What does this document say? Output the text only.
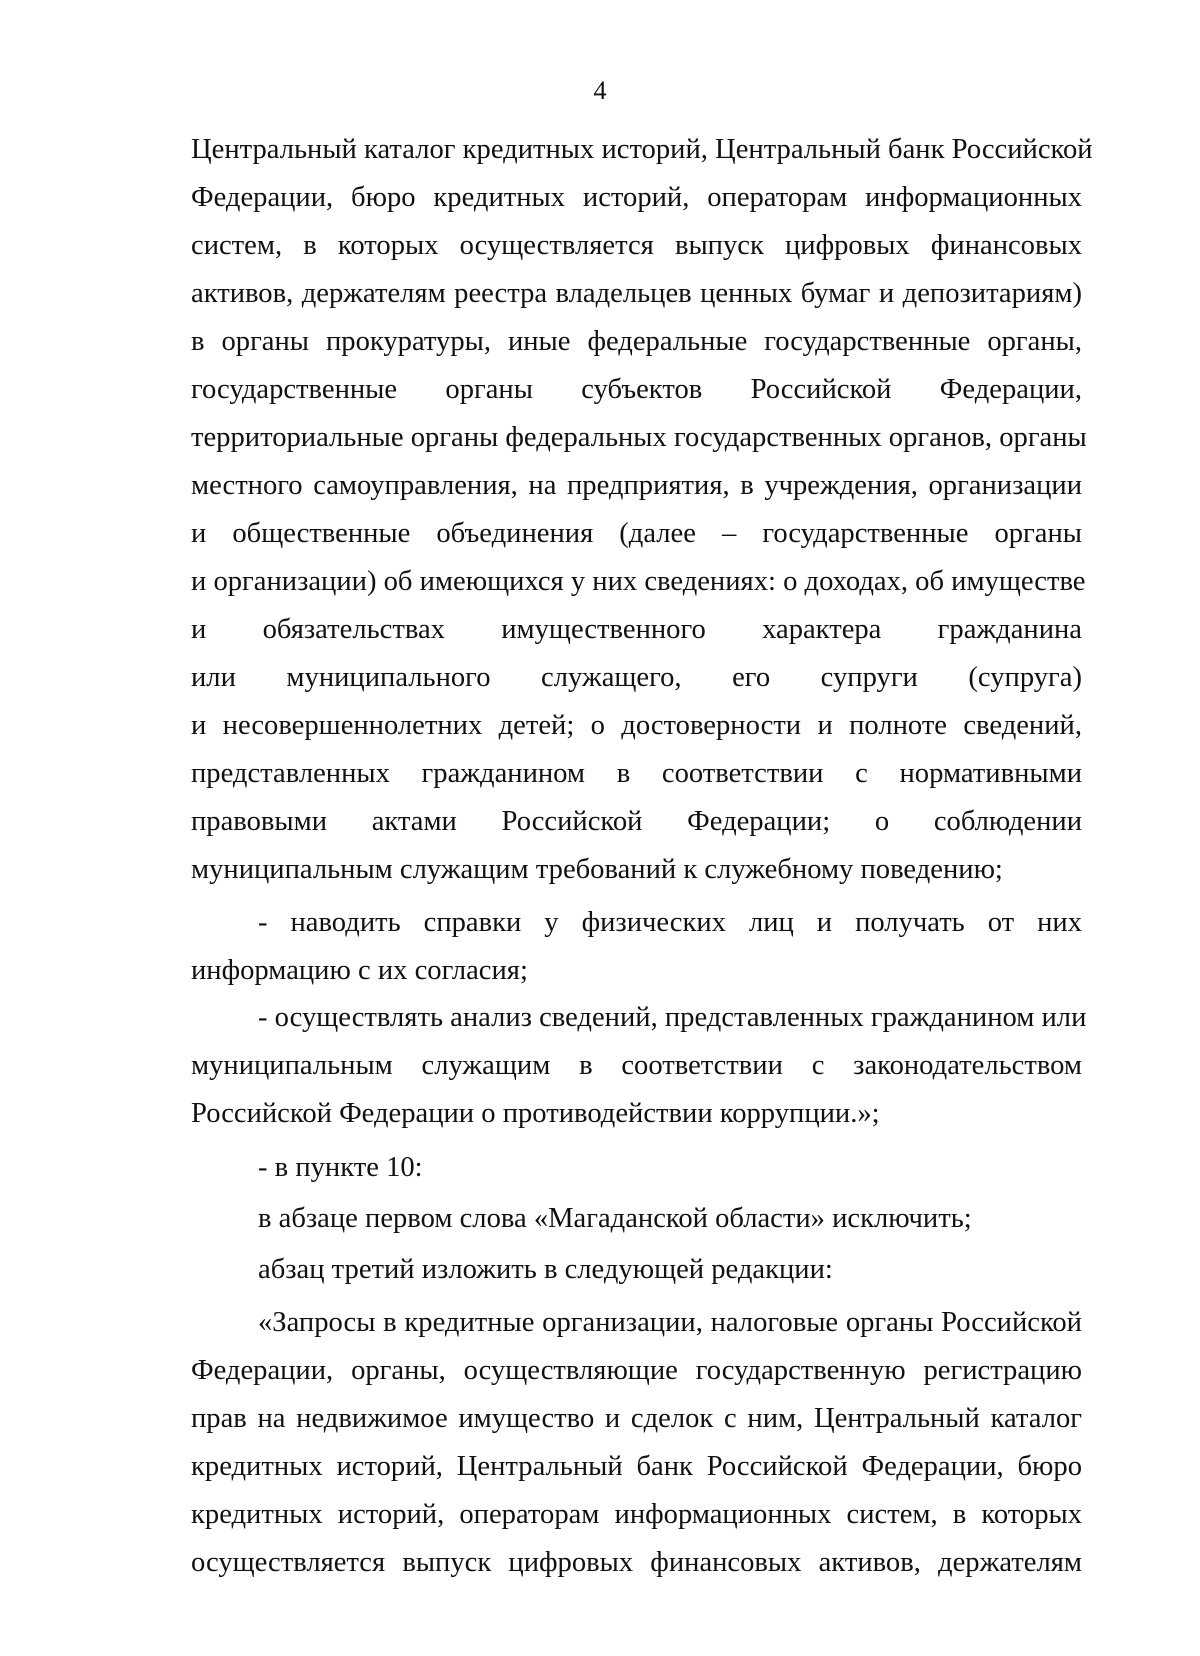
4
Центральный каталог кредитных историй, Центральный банк Российской
Федерации, бюро кредитных историй, операторам информационных
систем, в которых осуществляется выпуск цифровых финансовых
активов, держателям реестра владельцев ценных бумаг и депозитариям)
в органы прокуратуры, иные федеральные государственные органы,
государственные органы субъектов Российской Федерации,
территориальные органы федеральных государственных органов, органы
местного самоуправления, на предприятия, в учреждения, организации
и общественные объединения (далее – государственные органы
и организации) об имеющихся у них сведениях: о доходах, об имуществе
и обязательствах имущественного характера гражданина
или муниципального служащего, его супруги (супруга)
и несовершеннолетних детей; о достоверности и полноте сведений,
представленных гражданином в соответствии с нормативными
правовыми актами Российской Федерации; о соблюдении
муниципальным служащим требований к служебному поведению;
- наводить справки у физических лиц и получать от них
информацию с их согласия;
- осуществлять анализ сведений, представленных гражданином или
муниципальным служащим в соответствии с законодательством
Российской Федерации о противодействии коррупции.»;
- в пункте 10:
в абзаце первом слова «Магаданской области» исключить;
абзац третий изложить в следующей редакции:
«Запросы в кредитные организации, налоговые органы Российской
Федерации, органы, осуществляющие государственную регистрацию
прав на недвижимое имущество и сделок с ним, Центральный каталог
кредитных историй, Центральный банк Российской Федерации, бюро
кредитных историй, операторам информационных систем, в которых
осуществляется выпуск цифровых финансовых активов, держателям
